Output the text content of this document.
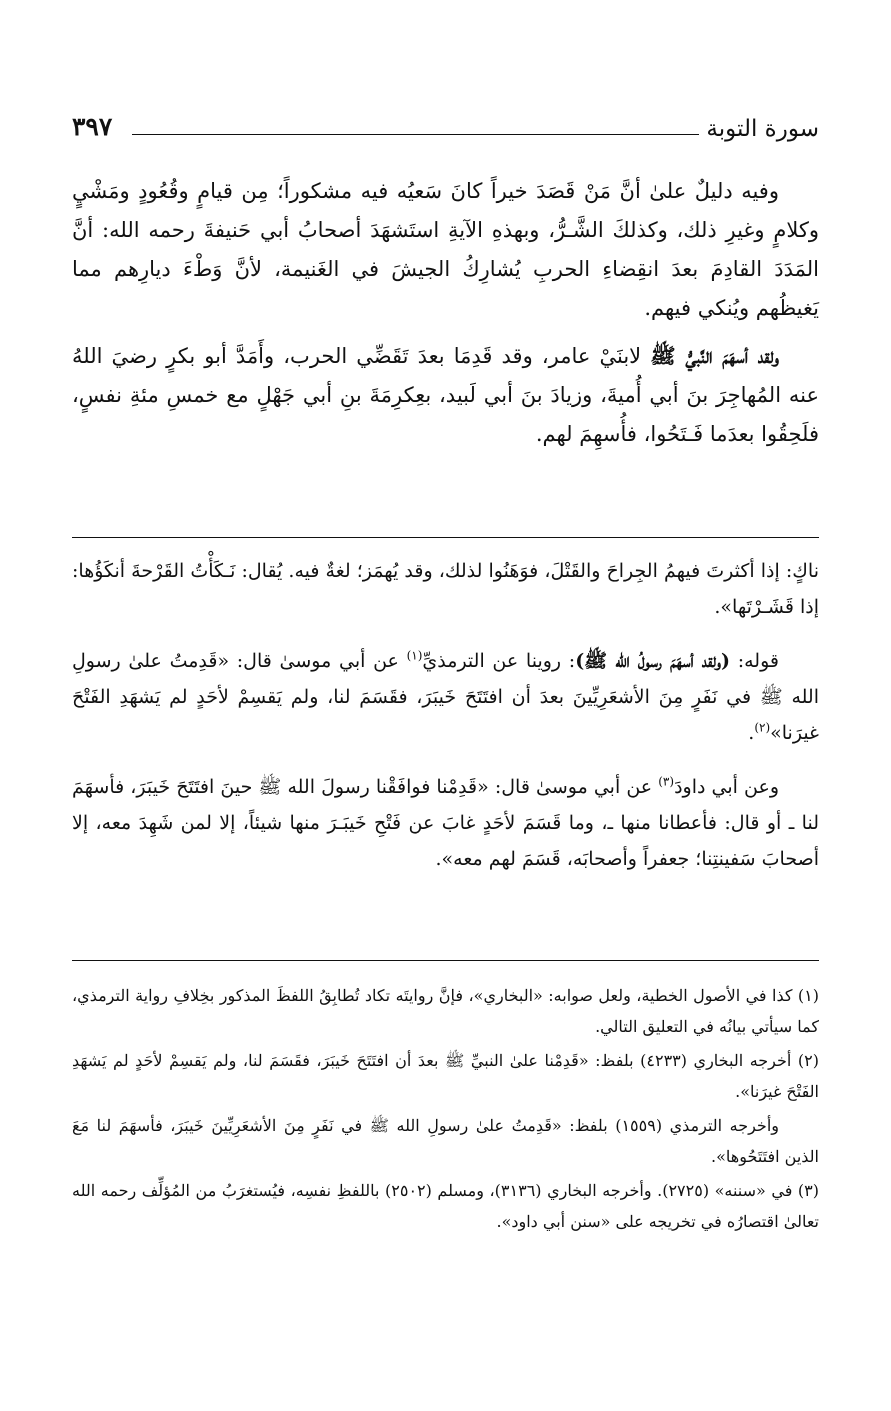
سورة التوبة
٣٩٧

وفيه دليلٌ علىٰ أنَّ مَنْ قَصَدَ خيراً كانَ سَعيُه فيه مشكوراً؛ مِن قيامٍ وقُعُودٍ ومَشْيٍ وكلامٍ وغيرِ ذلك، وكذلكَ الشَّـرُّ، وبهذهِ الآيةِ استَشهَدَ أصحابُ أبي حَنيفةَ رحمه الله: أنَّ المَدَدَ القادِمَ بعدَ انقِضاءِ الحربِ يُشارِكُ الجيشَ في الغَنيمة، لأنَّ وَطْءَ ديارِهم مما يَغيظُهم ويُنكي فيهم.

ولقد أسهَمَ النَّبيُّ ﷺ لابنَيْ عامر، وقد قَدِمَا بعدَ تَقَضِّي الحرب، وأَمَدَّ أبو بكرٍ رضيَ اللهُ عنه المُهاجِرَ بنَ أبي أُميةَ، وزيادَ بنَ أبي لَبيد، بعِكرِمَةَ بنِ أبي جَهْلٍ مع خمسِ مئةِ نفسٍ، فلَحِقُوا بعدَما فَـتَحُوا، فأُسهِمَ لهم.

ناكٍ: إذا أكثرتَ فيهمُ الجِراحَ والقَتْلَ، فوَهَنُوا لذلك، وقد يُهمَز؛ لغةٌ فيه. يُقال: نَـكَأْتُ القَرْحةَ أنكَؤُها: إذا قَشَـرْتَها».

قوله: (ولقد أسهَمَ رسولُ الله ﷺ): روينا عن الترمذيِّ$^{(١)}$ عن أبي موسىٰ قال: «قَدِمتُ علىٰ رسولِ الله ﷺ في نَفَرٍ مِنَ الأشعَرِيِّينَ بعدَ أن افتَتَحَ خَيبَرَ، فقَسَمَ لنا، ولم يَقسِمْ لأحَدٍ لم يَشهَدِ الفَتْحَ غيرَنا»$^{(٢)}$.

وعن أبي داودَ$^{(٣)}$ عن أبي موسىٰ قال: «قَدِمْنا فوافَقْنا رسولَ الله ﷺ حينَ افتَتَحَ خَيبَرَ، فأسهَمَ لنا ـ أو قال: فأعطانا منها ـ، وما قَسَمَ لأحَدٍ غابَ عن فَتْحِ خَيبَـرَ منها شيئاً، إلا لمن شَهِدَ معه، إلا أصحابَ سَفينتِنا؛ جعفراً وأصحابَه، قَسَمَ لهم معه».

(١) كذا في الأصول الخطية، ولعل صوابه: «البخاري»، فإنَّ روايتَه تكاد تُطابِقُ اللفظَ المذكور بخِلافِ رواية الترمذي، كما سيأتي بيانُه في التعليق التالي.

(٢) أخرجه البخاري (٤٢٣٣) بلفظ: «قَدِمْنا علىٰ النبيِّ ﷺ بعدَ أن افتَتَحَ خَيبَرَ، فقَسَمَ لنا، ولم يَقسِمْ لأحَدٍ لم يَشهَدِ الفَتْحَ غيرَنا».

وأخرجه الترمذي (١٥٥٩) بلفظ: «قَدِمتُ علىٰ رسولِ الله ﷺ في نَفَرٍ مِنَ الأشعَرِيِّينَ خَيبَرَ، فأسهَمَ لنا مَعَ الذين افتَتَحُوها».

(٣) في «سننه» (٢٧٢٥). وأخرجه البخاري (٣١٣٦)، ومسلم (٢٥٠٢) باللفظِ نفسِه، فيُستغرَبُ من المُؤلِّف رحمه الله تعالىٰ اقتصارُه في تخريجه على «سنن أبي داود».
